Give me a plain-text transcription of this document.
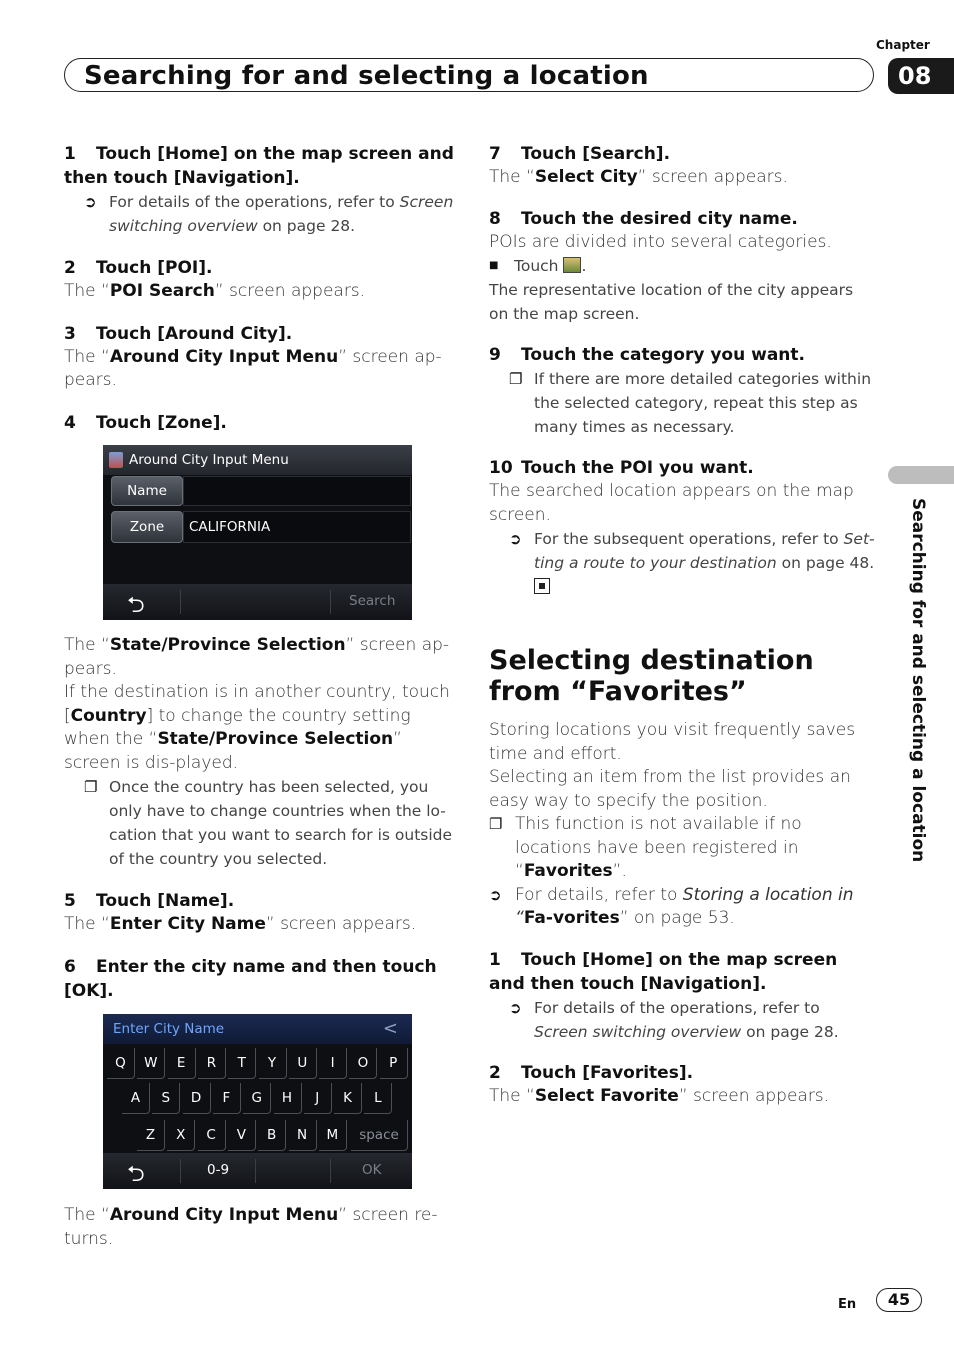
Searching for and selecting a location
Chapter
08
Searching for and selecting a location
1 Touch [Home] on the map screen and then touch [Navigation].
➲ For details of the operations, refer to Screen switching overview on page 28.
2 Touch [POI].
The “POI Search” screen appears.
3 Touch [Around City].
The “Around City Input Menu” screen ap-pears.
4 Touch [Zone].
Around City Input Menu
Name
Zone	CALIFORNIA
⮌	Search
The “State/Province Selection” screen ap-pears.
If the destination is in another country, touch [Country] to change the country setting when the “State/Province Selection” screen is dis-played.
❐ Once the country has been selected, you only have to change countries when the lo-cation that you want to search for is outside of the country you selected.
5 Touch [Name].
The “Enter City Name” screen appears.
6 Enter the city name and then touch [OK].
Enter City Name	<
Q	W	E	R	T	Y	U	I	O	P
A	S	D	F	G	H	J	K	L
Z	X	C	V	B	N	M	space
⮌	0-9	OK
The “Around City Input Menu” screen re-turns.
7 Touch [Search].
The “Select City” screen appears.
8 Touch the desired city name.
POIs are divided into several categories.
■ Touch .
The representative location of the city appears on the map screen.
9 Touch the category you want.
❐ If there are more detailed categories within the selected category, repeat this step as many times as necessary.
10 Touch the POI you want.
The searched location appears on the map screen.
➲ For the subsequent operations, refer to Set-ting a route to your destination on page 48.
Selecting destination from “Favorites”
Storing locations you visit frequently saves time and effort.
Selecting an item from the list provides an easy way to specify the position.
❐ This function is not available if no locations have been registered in “Favorites”.
➲ For details, refer to Storing a location in “Fa-vorites” on page 53.
1 Touch [Home] on the map screen and then touch [Navigation].
➲ For details of the operations, refer to Screen switching overview on page 28.
2 Touch [Favorites].
The “Select Favorite” screen appears.
En	45
